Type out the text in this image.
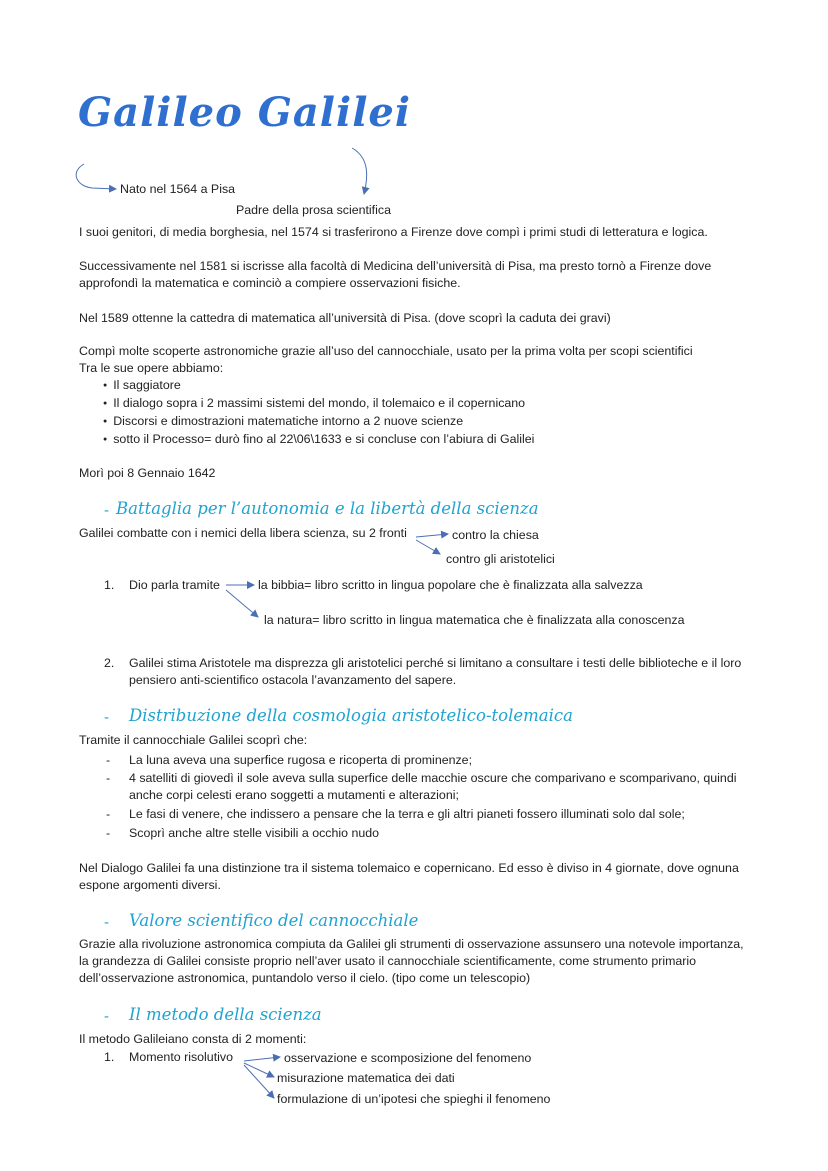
Galileo Galilei
Nato nel 1564 a Pisa
Padre della prosa scientifica
I suoi genitori, di media borghesia, nel 1574 si trasferirono a Firenze dove compì i primi studi di letteratura e logica.
Successivamente nel 1581 si iscrisse alla facoltà di Medicina dell’università di Pisa, ma presto tornò a Firenze dove approfondì la matematica e cominciò a compiere osservazioni fisiche.
Nel 1589 ottenne la cattedra di matematica all’università di Pisa. (dove scoprì la caduta dei gravi)
Compì molte scoperte astronomiche grazie all’uso del cannocchiale, usato per la prima volta per scopi scientifici
Tra le sue opere abbiamo:
● Il saggiatore
● Il dialogo sopra i 2 massimi sistemi del mondo, il tolemaico e il copernicano
● Discorsi e dimostrazioni matematiche intorno a 2 nuove scienze
● sotto il Processo= durò fino al 22\06\1633 e si concluse con l’abiura di Galilei
Morì poi 8 Gennaio 1642
- Battaglia per l’autonomia e la libertà della scienza
Galilei combatte con i nemici della libera scienza, su 2 fronti	contro la chiesa
contro gli aristotelici
1. Dio parla tramite	la bibbia= libro scritto in lingua popolare che è finalizzata alla salvezza
la natura= libro scritto in lingua matematica che è finalizzata alla conoscenza
2. Galilei stima Aristotele ma disprezza gli aristotelici perché si limitano a consultare i testi delle biblioteche e il loro pensiero anti-scientifico ostacola l’avanzamento del sapere.
- Distribuzione della cosmologia aristotelico-tolemaica
Tramite il cannocchiale Galilei scoprì che:
- La luna aveva una superfice rugosa e ricoperta di prominenze;
- 4 satelliti di giovedì il sole aveva sulla superfice delle macchie oscure che comparivano e scomparivano, quindi anche corpi celesti erano soggetti a mutamenti e alterazioni;
- Le fasi di venere, che indissero a pensare che la terra e gli altri pianeti fossero illuminati solo dal sole;
- Scoprì anche altre stelle visibili a occhio nudo
Nel Dialogo Galilei fa una distinzione tra il sistema tolemaico e copernicano. Ed esso è diviso in 4 giornate, dove ognuna espone argomenti diversi.
- Valore scientifico del cannocchiale
Grazie alla rivoluzione astronomica compiuta da Galilei gli strumenti di osservazione assunsero una notevole importanza, la grandezza di Galilei consiste proprio nell’aver usato il cannocchiale scientificamente, come strumento primario dell’osservazione astronomica, puntandolo verso il cielo. (tipo come un telescopio)
- Il metodo della scienza
Il metodo Galileiano consta di 2 momenti:
1. Momento risolutivo	osservazione e scomposizione del fenomeno
misurazione matematica dei dati
formulazione di un’ipotesi che spieghi il fenomeno
